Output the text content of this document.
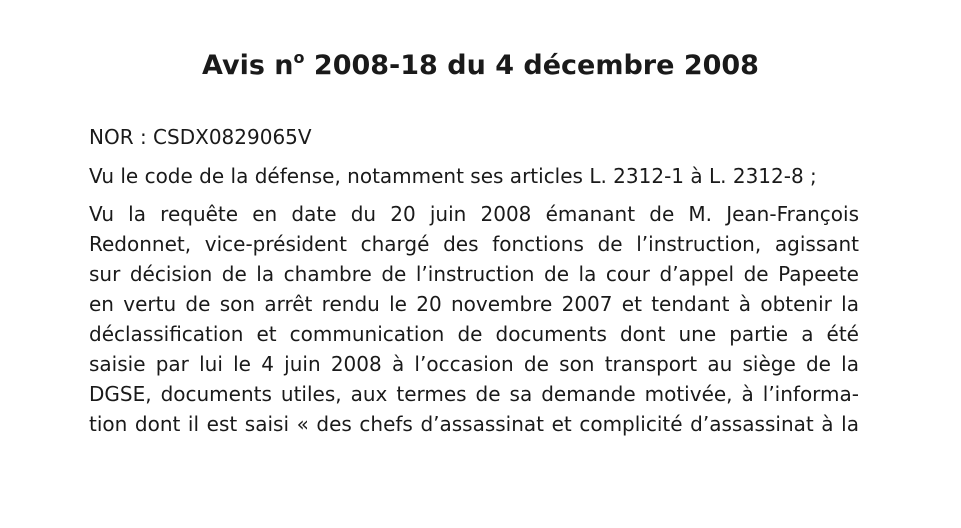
Avis $n^o$ 2008-18 du 4 décembre 2008

NOR : CSDX0829065V

Vu le code de la défense, notamment ses articles L. 2312-1 à L. 2312-8 ;

Vu la requête en date du 20 juin 2008 émanant de M. Jean-François
Redonnet, vice-président chargé des fonctions de l’instruction, agissant
sur décision de la chambre de l’instruction de la cour d’appel de Papeete
en vertu de son arrêt rendu le 20 novembre 2007 et tendant à obtenir la
déclassification et communication de documents dont une partie a été
saisie par lui le 4 juin 2008 à l’occasion de son transport au siège de la
DGSE, documents utiles, aux termes de sa demande motivée, à l’informa-
tion dont il est saisi « des chefs d’assassinat et complicité d’assassinat à la
